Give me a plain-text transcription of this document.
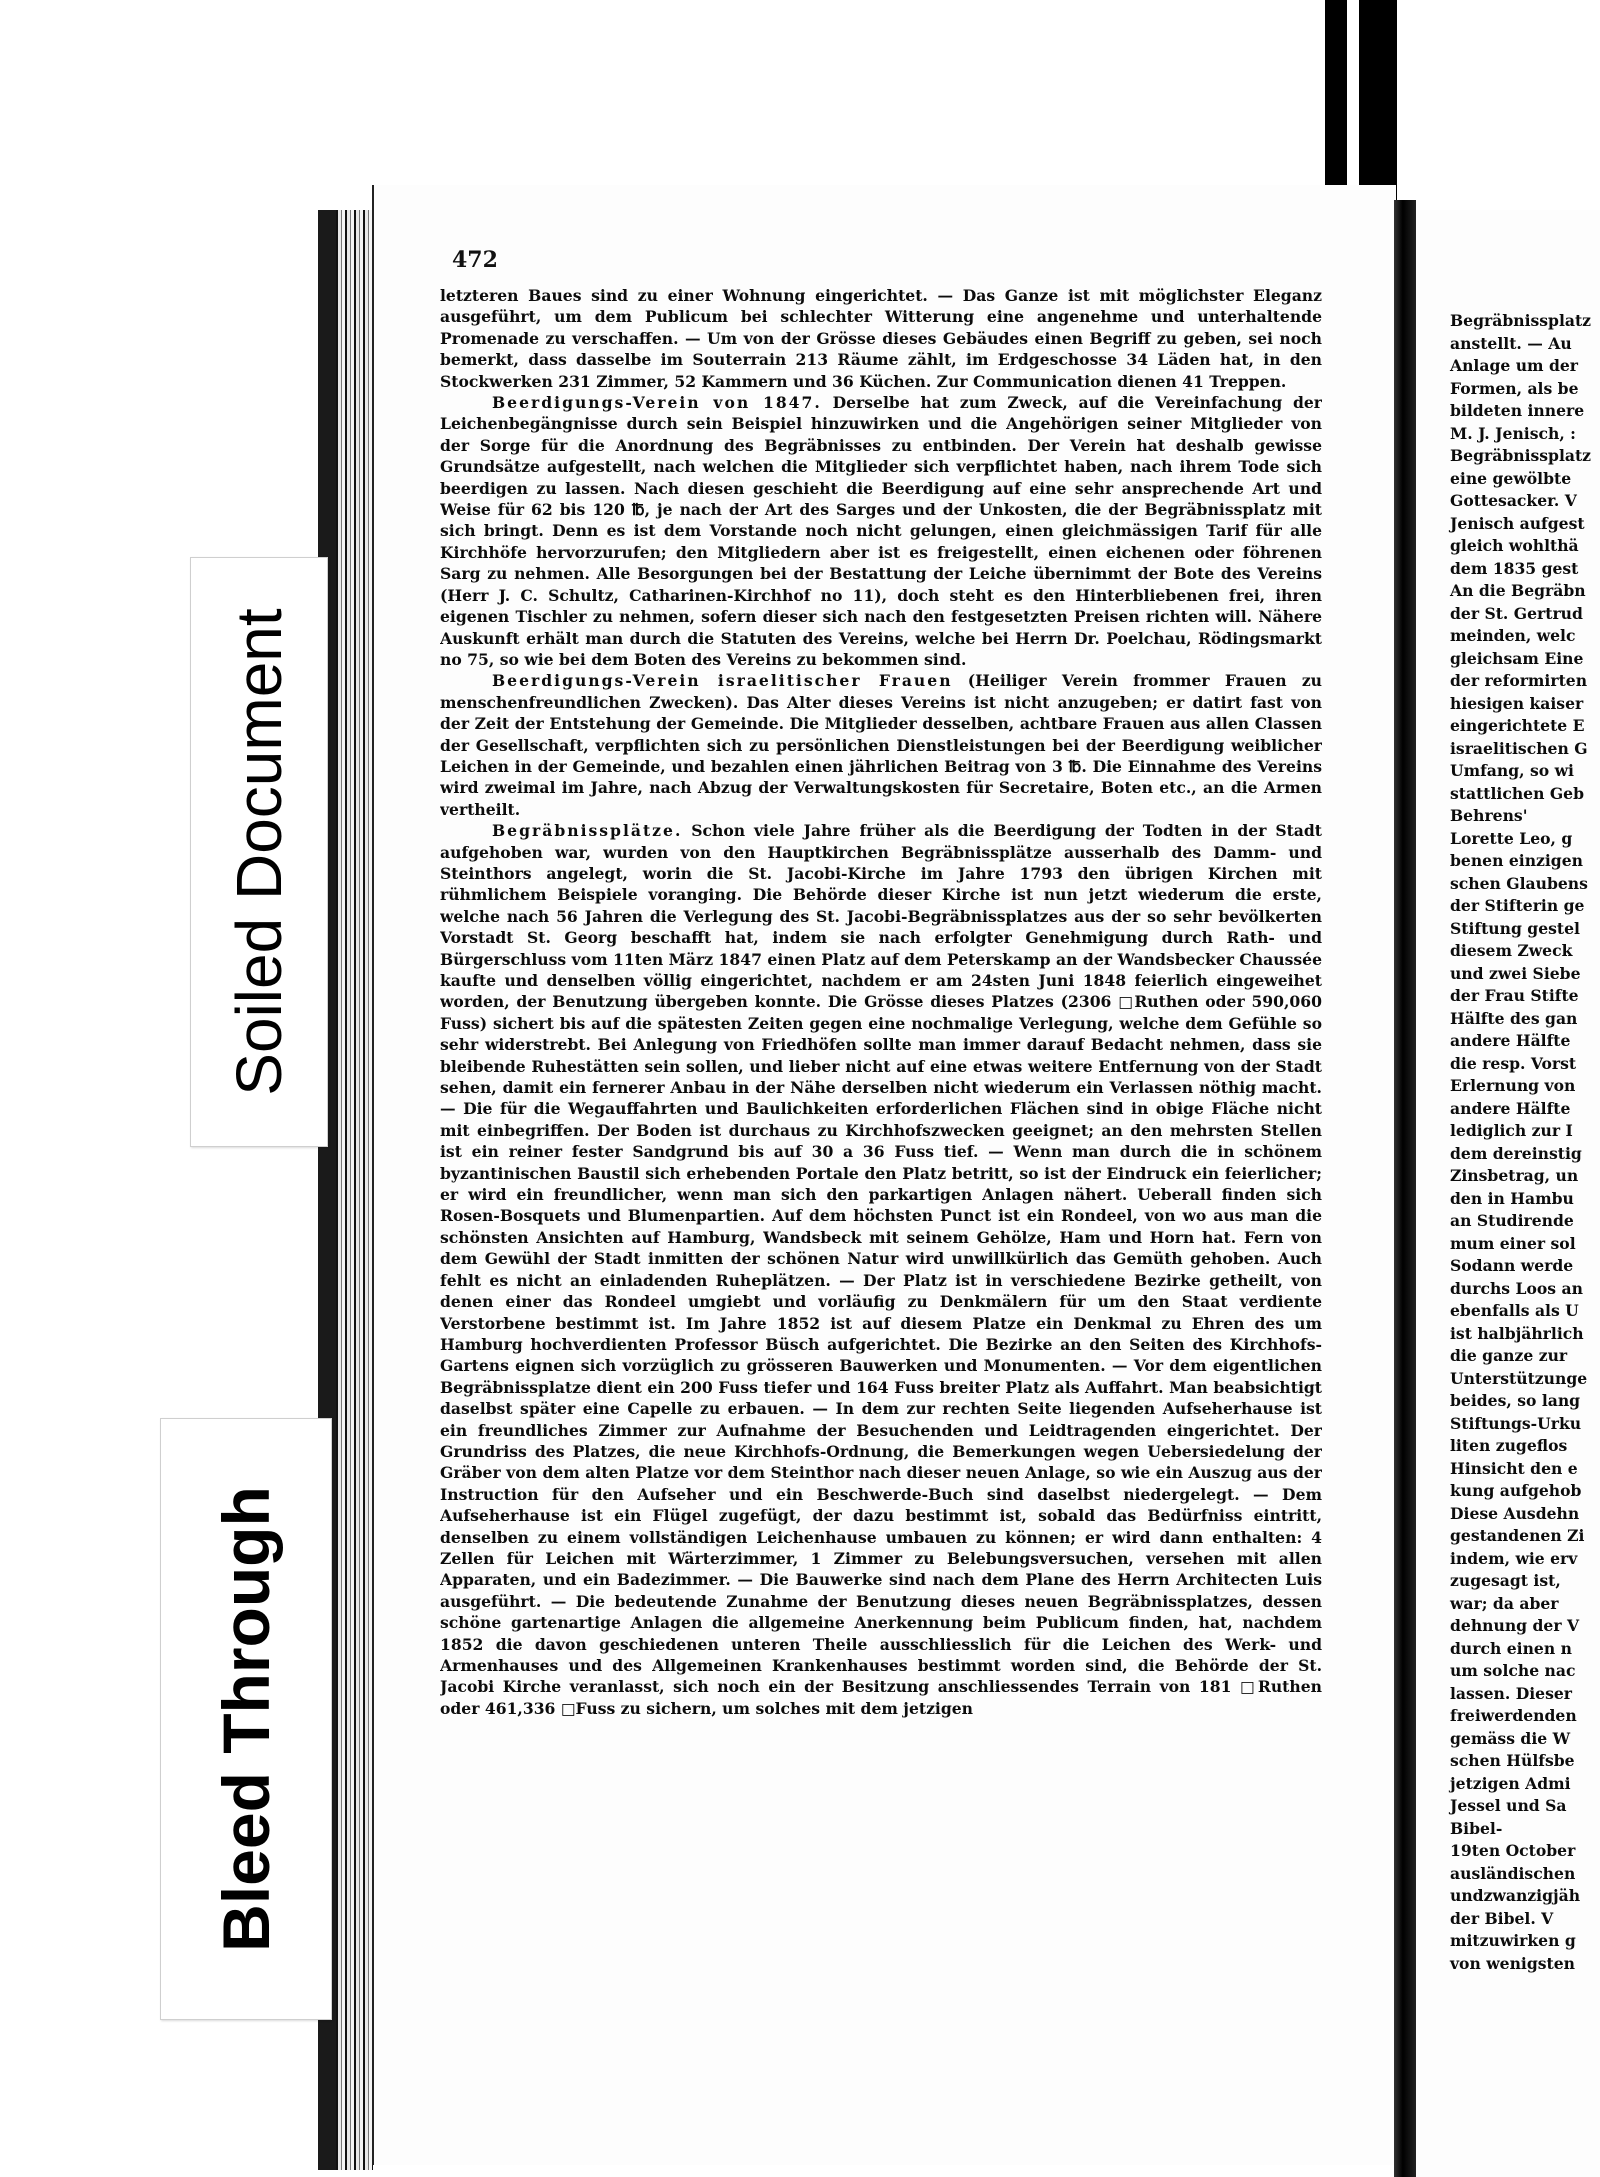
472

letzteren Baues sind zu einer Wohnung eingerichtet. — Das Ganze ist mit möglichster Eleganz ausgeführt, um dem Publicum bei schlechter Witterung eine angenehme und unterhaltende Promenade zu verschaffen. — Um von der Grösse dieses Gebäudes einen Begriff zu geben, sei noch bemerkt, dass dasselbe im Souterrain 213 Räume zählt, im Erdgeschosse 34 Läden hat, in den Stockwerken 231 Zimmer, 52 Kammern und 36 Küchen. Zur Communication dienen 41 Treppen.

Beerdigungs-Verein von 1847. Derselbe hat zum Zweck, auf die Vereinfachung der Leichenbegängnisse durch sein Beispiel hinzuwirken und die Angehörigen seiner Mitglieder von der Sorge für die Anordnung des Begräbnisses zu entbinden. Der Verein hat deshalb gewisse Grundsätze aufgestellt, nach welchen die Mitglieder sich verpflichtet haben, nach ihrem Tode sich beerdigen zu lassen. Nach diesen geschieht die Beerdigung auf eine sehr ansprechende Art und Weise für 62 bis 120 ℔, je nach der Art des Sarges und der Unkosten, die der Begräbnissplatz mit sich bringt. Denn es ist dem Vorstande noch nicht gelungen, einen gleichmässigen Tarif für alle Kirchhöfe hervorzurufen; den Mitgliedern aber ist es freigestellt, einen eichenen oder föhrenen Sarg zu nehmen. Alle Besorgungen bei der Bestattung der Leiche übernimmt der Bote des Vereins (Herr J. C. Schultz, Catharinen-Kirchhof no 11), doch steht es den Hinterbliebenen frei, ihren eigenen Tischler zu nehmen, sofern dieser sich nach den festgesetzten Preisen richten will. Nähere Auskunft erhält man durch die Statuten des Vereins, welche bei Herrn Dr. Poelchau, Rödingsmarkt no 75, so wie bei dem Boten des Vereins zu bekommen sind.

Beerdigungs-Verein israelitischer Frauen (Heiliger Verein frommer Frauen zu menschenfreundlichen Zwecken). Das Alter dieses Vereins ist nicht anzugeben; er datirt fast von der Zeit der Entstehung der Gemeinde. Die Mitglieder desselben, achtbare Frauen aus allen Classen der Gesellschaft, verpflichten sich zu persönlichen Dienstleistungen bei der Beerdigung weiblicher Leichen in der Gemeinde, und bezahlen einen jährlichen Beitrag von 3 ℔. Die Einnahme des Vereins wird zweimal im Jahre, nach Abzug der Verwaltungskosten für Secretaire, Boten etc., an die Armen vertheilt.

Begräbnissplätze. Schon viele Jahre früher als die Beerdigung der Todten in der Stadt aufgehoben war, wurden von den Hauptkirchen Begräbnissplätze ausserhalb des Damm- und Steinthors angelegt, worin die St. Jacobi-Kirche im Jahre 1793 den übrigen Kirchen mit rühmlichem Beispiele voranging. Die Behörde dieser Kirche ist nun jetzt wiederum die erste, welche nach 56 Jahren die Verlegung des St. Jacobi-Begräbnissplatzes aus der so sehr bevölkerten Vorstadt St. Georg beschafft hat, indem sie nach erfolgter Genehmigung durch Rath- und Bürgerschluss vom 11ten März 1847 einen Platz auf dem Peterskamp an der Wandsbecker Chaussée kaufte und denselben völlig eingerichtet, nachdem er am 24sten Juni 1848 feierlich eingeweihet worden, der Benutzung übergeben konnte. Die Grösse dieses Platzes (2306 □Ruthen oder 590,060 Fuss) sichert bis auf die spätesten Zeiten gegen eine nochmalige Verlegung, welche dem Gefühle so sehr widerstrebt. Bei Anlegung von Friedhöfen sollte man immer darauf Bedacht nehmen, dass sie bleibende Ruhestätten sein sollen, und lieber nicht auf eine etwas weitere Entfernung von der Stadt sehen, damit ein fernerer Anbau in der Nähe derselben nicht wiederum ein Verlassen nöthig macht. — Die für die Wegauffahrten und Baulichkeiten erforderlichen Flächen sind in obige Fläche nicht mit einbegriffen. Der Boden ist durchaus zu Kirchhofszwecken geeignet; an den mehrsten Stellen ist ein reiner fester Sandgrund bis auf 30 a 36 Fuss tief. — Wenn man durch die in schönem byzantinischen Baustil sich erhebenden Portale den Platz betritt, so ist der Eindruck ein feierlicher; er wird ein freundlicher, wenn man sich den parkartigen Anlagen nähert. Ueberall finden sich Rosen-Bosquets und Blumenpartien. Auf dem höchsten Punct ist ein Rondeel, von wo aus man die schönsten Ansichten auf Hamburg, Wandsbeck mit seinem Gehölze, Ham und Horn hat. Fern von dem Gewühl der Stadt inmitten der schönen Natur wird unwillkürlich das Gemüth gehoben. Auch fehlt es nicht an einladenden Ruheplätzen. — Der Platz ist in verschiedene Bezirke getheilt, von denen einer das Rondeel umgiebt und vorläufig zu Denkmälern für um den Staat verdiente Verstorbene bestimmt ist. Im Jahre 1852 ist auf diesem Platze ein Denkmal zu Ehren des um Hamburg hochverdienten Professor Büsch aufgerichtet. Die Bezirke an den Seiten des Kirchhofs-Gartens eignen sich vorzüglich zu grösseren Bauwerken und Monumenten. — Vor dem eigentlichen Begräbnissplatze dient ein 200 Fuss tiefer und 164 Fuss breiter Platz als Auffahrt. Man beabsichtigt daselbst später eine Capelle zu erbauen. — In dem zur rechten Seite liegenden Aufseherhause ist ein freundliches Zimmer zur Aufnahme der Besuchenden und Leidtragenden eingerichtet. Der Grundriss des Platzes, die neue Kirchhofs-Ordnung, die Bemerkungen wegen Uebersiedelung der Gräber von dem alten Platze vor dem Steinthor nach dieser neuen Anlage, so wie ein Auszug aus der Instruction für den Aufseher und ein Beschwerde-Buch sind daselbst niedergelegt. — Dem Aufseherhause ist ein Flügel zugefügt, der dazu bestimmt ist, sobald das Bedürfniss eintritt, denselben zu einem vollständigen Leichenhause umbauen zu können; er wird dann enthalten: 4 Zellen für Leichen mit Wärterzimmer, 1 Zimmer zu Belebungsversuchen, versehen mit allen Apparaten, und ein Badezimmer. — Die Bauwerke sind nach dem Plane des Herrn Architecten Luis ausgeführt. — Die bedeutende Zunahme der Benutzung dieses neuen Begräbnissplatzes, dessen schöne gartenartige Anlagen die allgemeine Anerkennung beim Publicum finden, hat, nachdem 1852 die davon geschiedenen unteren Theile ausschliesslich für die Leichen des Werk- und Armenhauses und des Allgemeinen Krankenhauses bestimmt worden sind, die Behörde der St. Jacobi Kirche veranlasst, sich noch ein der Besitzung anschliessendes Terrain von 181 □Ruthen oder 461,336 □Fuss zu sichern, um solches mit dem jetzigen

Begräbnissplatz
anstellt. — Au
Anlage um der
Formen, als be
bildeten innere
M. J. Jenisch, :
Begräbnissplatz
eine gewölbte
Gottesacker. V
Jenisch aufgest
gleich wohlthä
dem 1835 gest
An die Begräbn
der St. Gertrud
meinden, welc
gleichsam Eine
der reformirten
hiesigen kaiser
eingerichtete E
israelitischen G
Umfang, so wi
stattlichen Geb
Behrens'
Lorette Leo, g
benen einzigen
schen Glaubens
der Stifterin ge
Stiftung gestel
diesem Zweck
und zwei Siebe
der Frau Stifte
Hälfte des gan
andere Hälfte
die resp. Vorst
Erlernung von
andere Hälfte
lediglich zur I
dem dereinstig
Zinsbetrag, un
den in Hambu
an Studirende
mum einer sol
Sodann werde
durchs Loos an
ebenfalls als U
ist halbjährlich
die ganze zur
Unterstützunge
beides, so lang
Stiftungs-Urku
liten zugeflos
Hinsicht den e
kung aufgehob
Diese Ausdehn
gestandenen Zi
indem, wie erv
zugesagt ist,
war; da aber
dehnung der V
durch einen n
um solche nac
lassen. Dieser
freiwerdenden
gemäss die W
schen Hülfsbe
jetzigen Admi
Jessel und Sa
Bibel-
19ten October
ausländischen
undzwanzigjäh
der Bibel. V
mitzuwirken g
von wenigsten
Soiled Document
Bleed Through
